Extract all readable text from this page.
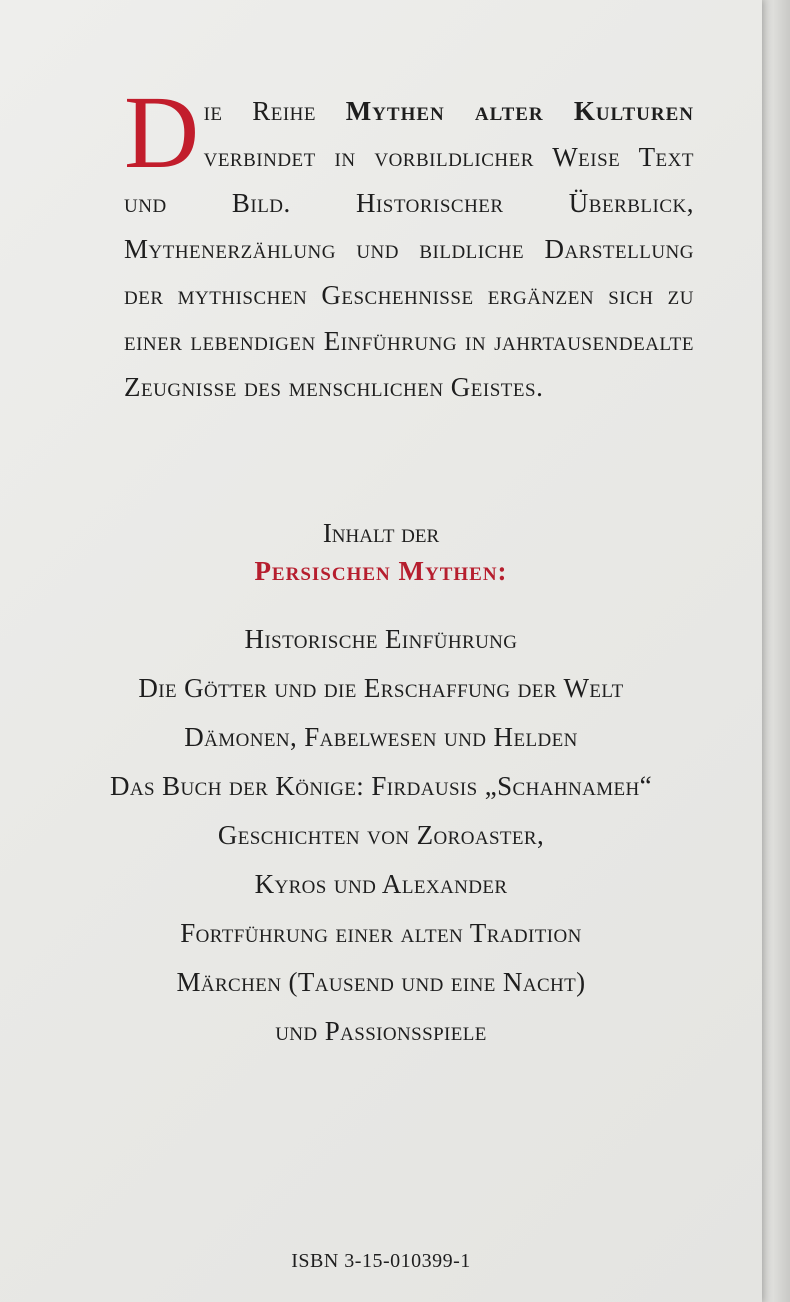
Die Reihe Mythen alter Kulturen verbindet in vorbildlicher Weise Text und Bild. Historischer Überblick, Mythenerzählung und bildliche Darstellung der mythischen Geschehnisse ergänzen sich zu einer lebendigen Einführung in jahrtausendealte Zeugnisse des menschlichen Geistes.

Inhalt der
Persischen Mythen:
Historische Einführung
Die Götter und die Erschaffung der Welt
Dämonen, Fabelwesen und Helden
Das Buch der Könige: Firdausis „Schahnameh“
Geschichten von Zoroaster,
Kyros und Alexander
Fortführung einer alten Tradition
Märchen (Tausend und eine Nacht)
und Passionsspiele
ISBN 3-15-010399-1
